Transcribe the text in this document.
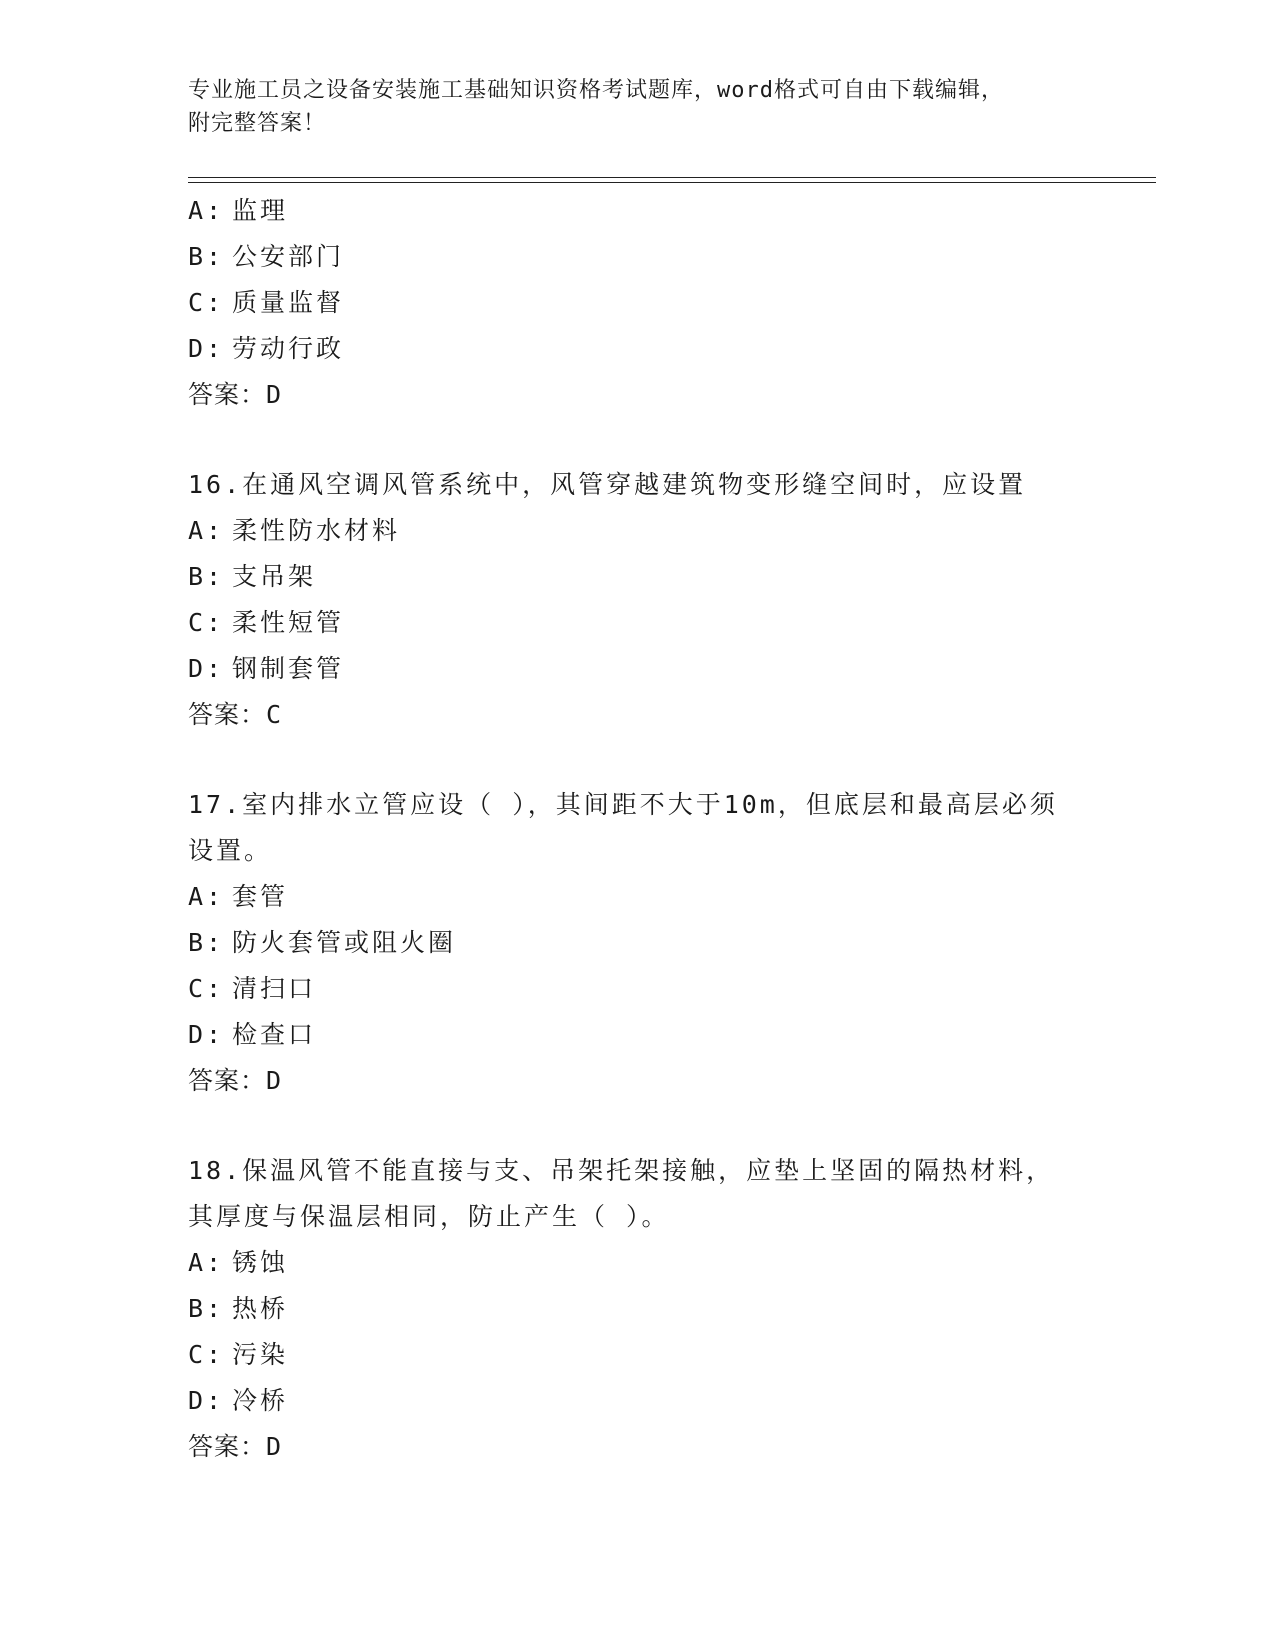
专业施工员之设备安装施工基础知识资格考试题库，word格式可自由下载编辑，
附完整答案！
A: 监理
B: 公安部门
C: 质量监督
D: 劳动行政
答案：D
16.在通风空调风管系统中，风管穿越建筑物变形缝空间时，应设置
A: 柔性防水材料
B: 支吊架
C: 柔性短管
D: 钢制套管
答案：C
17.室内排水立管应设（ ），其间距不大于10m，但底层和最高层必须
设置。
A: 套管
B: 防火套管或阻火圈
C: 清扫口
D: 检查口
答案：D
18.保温风管不能直接与支、吊架托架接触，应垫上坚固的隔热材料，
其厚度与保温层相同，防止产生（ ）。
A: 锈蚀
B: 热桥
C: 污染
D: 冷桥
答案：D
